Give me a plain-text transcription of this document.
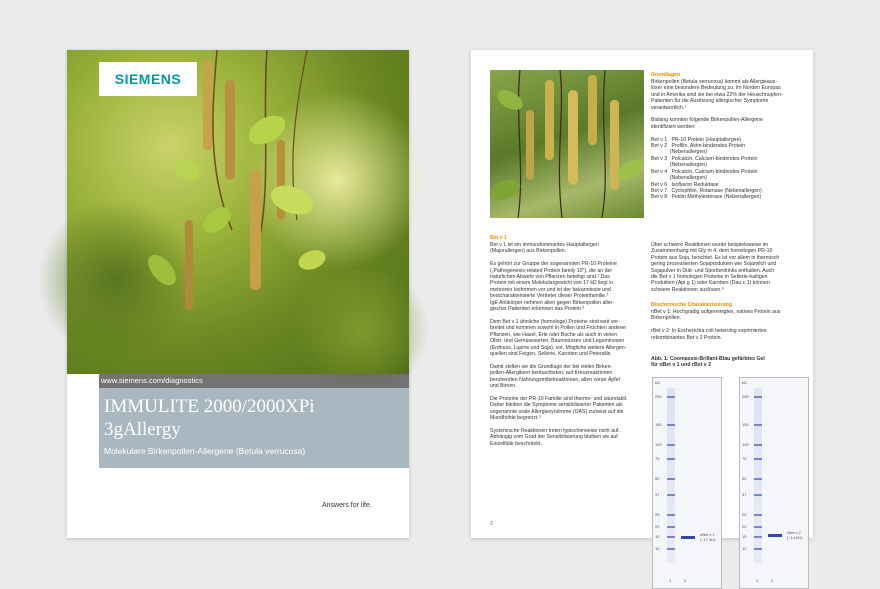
SIEMENS
www.siemens.com/diagnostics
IMMULITE 2000/2000XPi
3gAllergy
Molekulare Birkenpollen-Allergene (Betula verrucosa)
Answers for life.
Grundlagen
Birkenpollen (Betula verrucosa) kommt als Allergieaus-
löser eine besondere Bedeutung zu. Im Norden Europas
und in Amerika sind sie bei etwa 22% der Heuschnupfen-
Patienten für die Auslösung allergischer Symptome
verantwortlich.¹

Bisläng konnten folgende Birkenpollen-Allergene
identifiziert werden:

Bet v 1   PR-10 Protein (Hauptallergen)
Bet v 2   Profilin, Aktin-bindendes Protein
(Nebenallergen)
Bet v 3   Polcalcin, Calcium-bindendes Protein
(Nebenallergen)
Bet v 4   Polcalcin, Calcium-bindendes Protein
(Nebenallergen)
Bet v 6   Isoflavon Reduktase
Bet v 7   Cyclophilin, Rotamase (Nebenallergen)
Bet v 8   Pektin Methylesterase (Nebenallergen)
Bet v 1
Bet v 1 ist ein immundominantes Hauptallergen
(Majorallergen) aus Birkenpollen.

Es gehört zur Gruppe der sogenannten PR-10 Proteine
(„Pathogenesis-related Protein family 10"), die an der
natürlichen Abwehr von Pflanzen beteiligt sind.¹ Das
Protein mit einem Molekulargewicht von 17 kD liegt in
mehreren Isoformen vor und ist der bekannteste und
bestcharakterisierte Vertreter dieser Proteinfamilie.²
IgE Antikörper nehmen allen gegen Birkenpollen aller-
gischer Patienten erkennen das Protein.³

Dem Bet v 1 ähnliche (homologe) Proteine sind weit ver-
breitet und kommen sowohl in Pollen und Früchten anderer
Pflanzen, wie Hasel, Erle oder Buche als auch in vielen
Obst- und Gemüsesorten, Baumnüssen und Leguminosen
(Erdnuss, Lupine und Soja), vor. Mögliche weitere Allergen-
quellen sind Feigen, Sellerie, Karotten und Petersilie.

Damit stellen sie die Grundlage der bei vielen Birken-
pollen-Allergikern beobachteten, auf Kreuzreaktionen
beruhenden Nahrungsmittelreaktionen, allen voran Äpfel
und Birnen.

Die Proteine der PR-10 Familie sind thermo- und säurelabil.
Daher bleiben die Symptome sensibilisierter Patienten als
sogenannte orale Allergiesyndrome (OAS) zumeist auf die
Mundhöhle begrenzt.⁵

Systemische Reaktionen treten typischerweise nicht auf.
Abhängig vom Grad der Sensibilisierung bleiben sie auf
Einzelfälle beschränkt.
Über schwere Reaktionen wurde beispielsweise im
Zusammenhang mit Gly m 4, dem homologen PR-10
Protein aus Soja, berichtet. Es ist vor allem in thermisch
gering prozessierten Sojaprodukten wie Sojamilch und
Sojapulver in Diät- und Sportlerdrinks enthalten. Auch
die Bet v 1 homologen Proteine in Sellerie-haltigen
Produkten (Api g 1) oder Karotten (Dau c 1) können
schwere Reaktionen auslösen.⁶
Biochemische Charakterisierung
nBet v 1: Hochgradig aufgereinigtes, natives Protein aus
Birkenpollen.

rBet v 2: In Escherichia coli heterolog exprimiertes
rekombinantes Bet v 2 Protein.
Abb. 1: Coomassie-Brillant-Blau gefärbtes Gel
für nBet v 1 und rBet v 2
kD
250
150
100
75
50
37
25
20
15
10
nBet v 1
(~17 kD)
1	2
kD
250
150
100
75
50
37
25
20
15
10
rBet v 2
(~14 kD)
1	2
2
